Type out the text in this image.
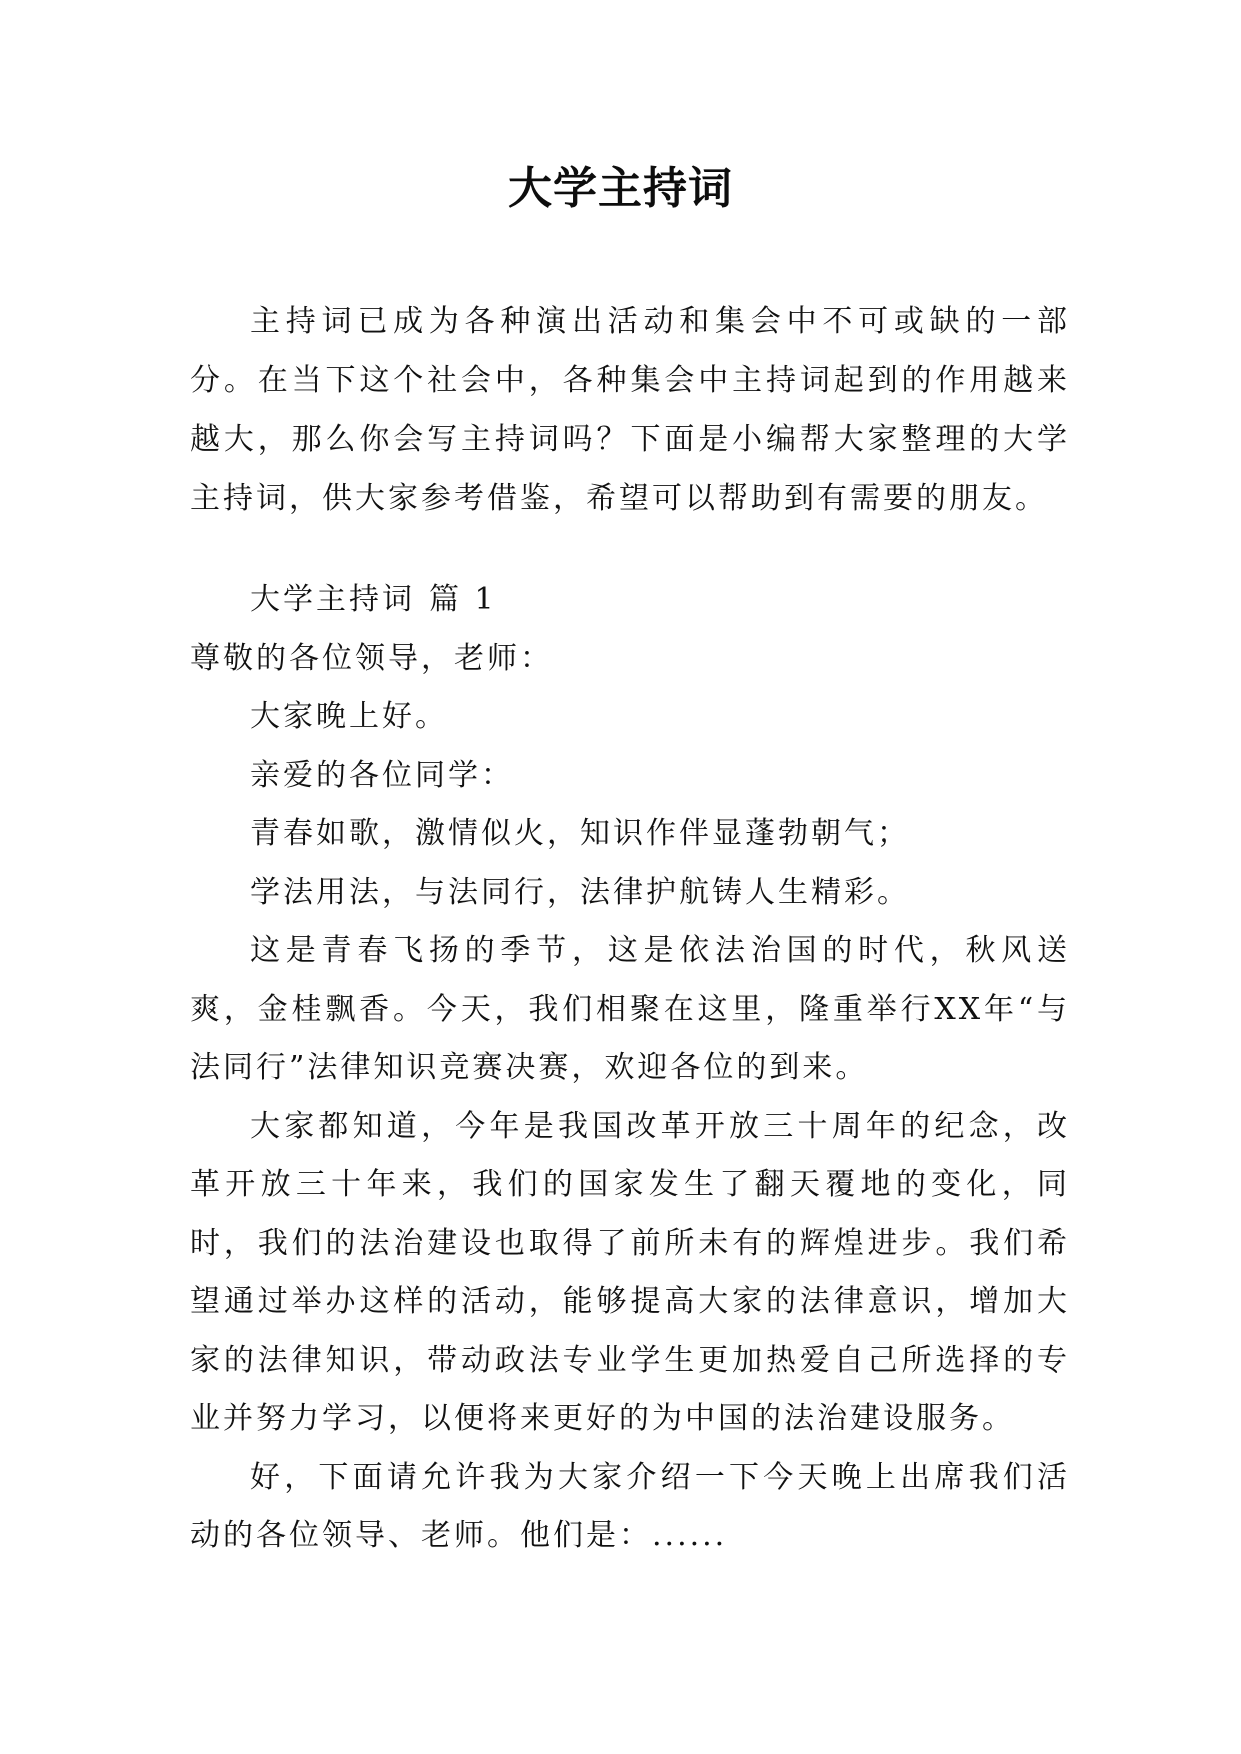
大学主持词

主持词已成为各种演出活动和集会中不可或缺的一部分。在当下这个社会中，各种集会中主持词起到的作用越来越大，那么你会写主持词吗？下面是小编帮大家整理的大学主持词，供大家参考借鉴，希望可以帮助到有需要的朋友。

大学主持词 篇 1

尊敬的各位领导，老师：

大家晚上好。

亲爱的各位同学：

青春如歌，激情似火，知识作伴显蓬勃朝气；

学法用法，与法同行，法律护航铸人生精彩。

这是青春飞扬的季节，这是依法治国的时代，秋风送爽，金桂飘香。今天，我们相聚在这里，隆重举行XX年“与法同行”法律知识竞赛决赛，欢迎各位的到来。

大家都知道，今年是我国改革开放三十周年的纪念，改革开放三十年来，我们的国家发生了翻天覆地的变化，同时，我们的法治建设也取得了前所未有的辉煌进步。我们希望通过举办这样的活动，能够提高大家的法律意识，增加大家的法律知识，带动政法专业学生更加热爱自己所选择的专业并努力学习，以便将来更好的为中国的法治建设服务。

好，下面请允许我为大家介绍一下今天晚上出席我们活动的各位领导、老师。他们是：......
